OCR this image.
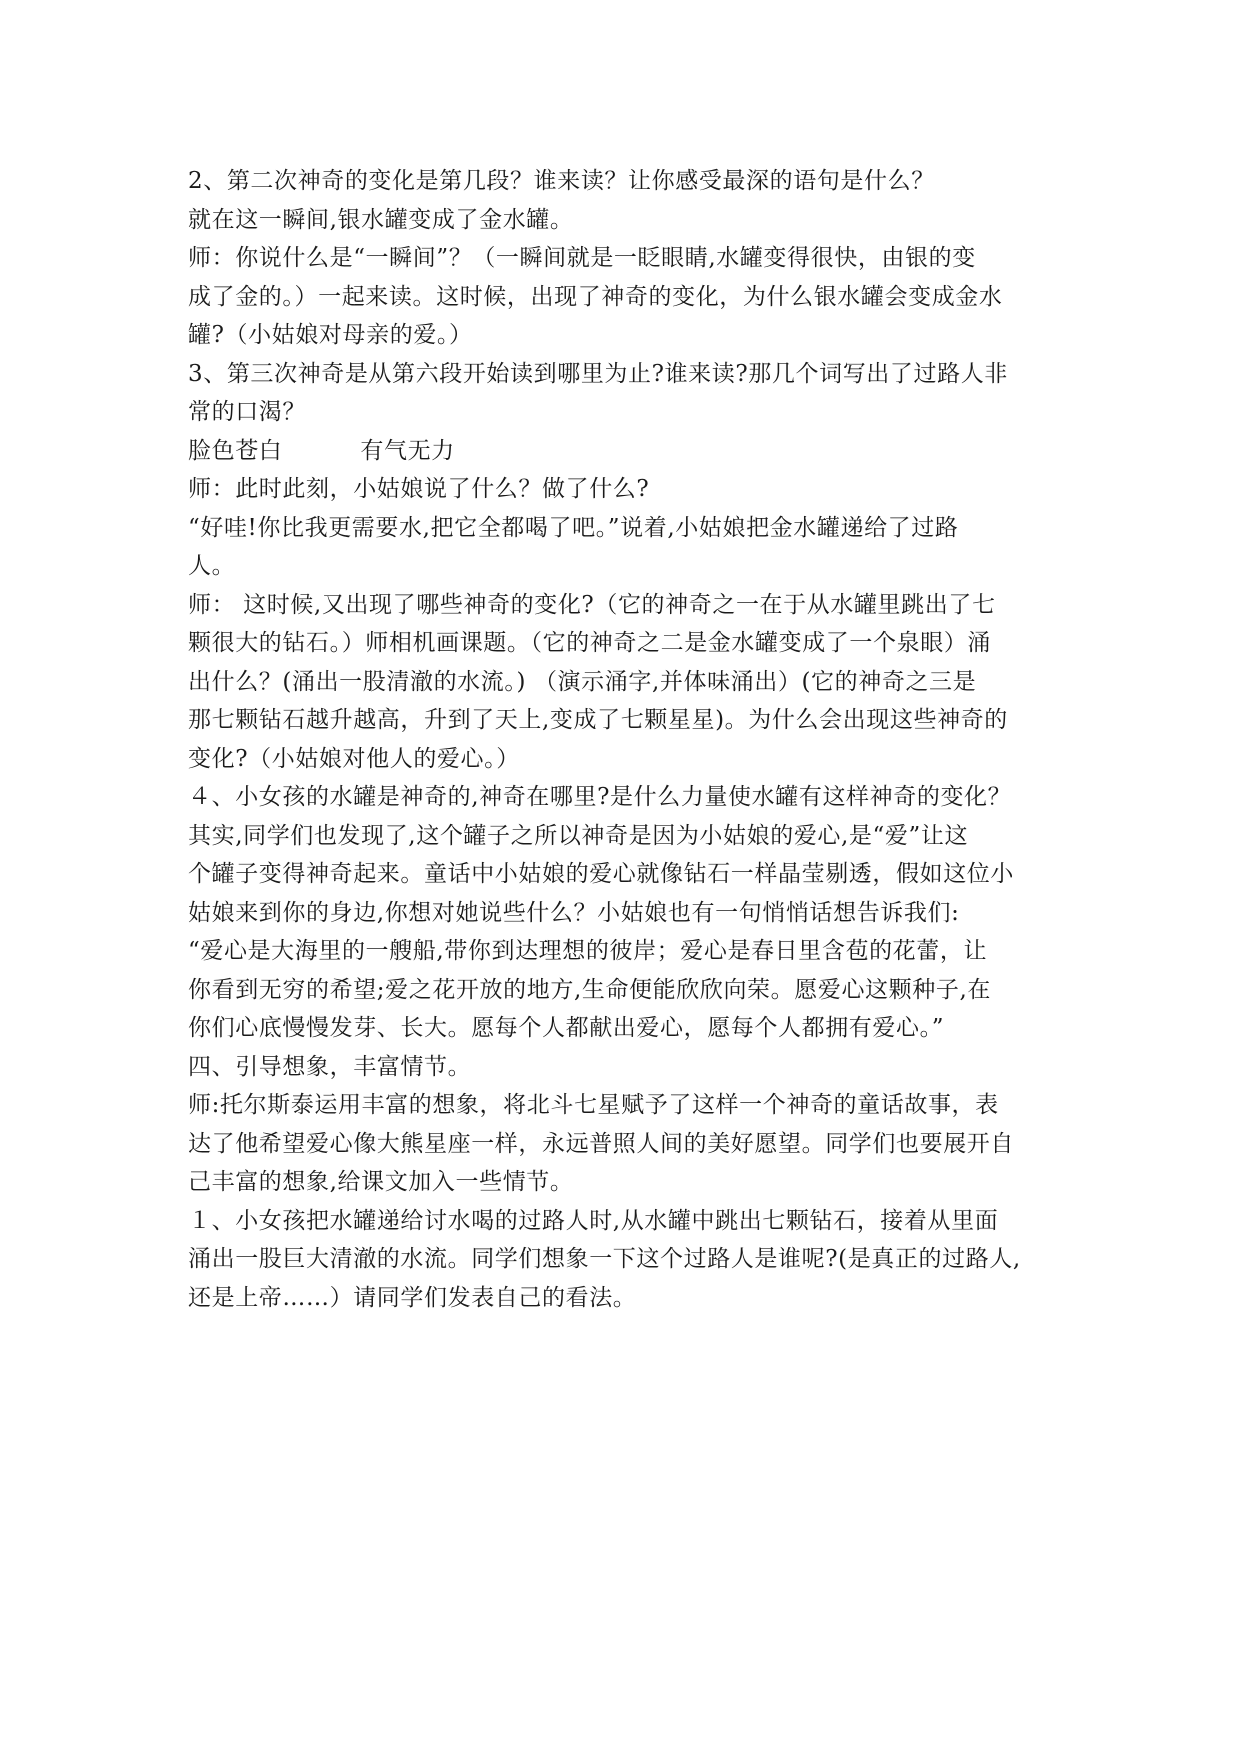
2、第二次神奇的变化是第几段？谁来读？让你感受最深的语句是什么？
就在这一瞬间,银水罐变成了金水罐。
师：你说什么是“一瞬间”？（一瞬间就是一眨眼睛,水罐变得很快，由银的变
成了金的。）一起来读。这时候，出现了神奇的变化，为什么银水罐会变成金水
罐?（小姑娘对母亲的爱。）
3、第三次神奇是从第六段开始读到哪里为止?谁来读?那几个词写出了过路人非
常的口渴？
脸色苍白	有气无力
师：此时此刻，小姑娘说了什么？做了什么?
“好哇!你比我更需要水,把它全都喝了吧。”说着,小姑娘把金水罐递给了过路
人。
师： 这时候,又出现了哪些神奇的变化?（它的神奇之一在于从水罐里跳出了七
颗很大的钻石。）师相机画课题。（它的神奇之二是金水罐变成了一个泉眼）涌
出什么？(涌出一股清澈的水流。) （演示涌字,并体味涌出）(它的神奇之三是
那七颗钻石越升越高，升到了天上,变成了七颗星星)。为什么会出现这些神奇的
变化?（小姑娘对他人的爱心。）
４、小女孩的水罐是神奇的,神奇在哪里?是什么力量使水罐有这样神奇的变化？
其实,同学们也发现了,这个罐子之所以神奇是因为小姑娘的爱心,是“爱”让这
个罐子变得神奇起来。童话中小姑娘的爱心就像钻石一样晶莹剔透，假如这位小
姑娘来到你的身边,你想对她说些什么？小姑娘也有一句悄悄话想告诉我们:
“爱心是大海里的一艘船,带你到达理想的彼岸；爱心是春日里含苞的花蕾，让
你看到无穷的希望;爱之花开放的地方,生命便能欣欣向荣。愿爱心这颗种子,在
你们心底慢慢发芽、长大。愿每个人都献出爱心，愿每个人都拥有爱心。”
四、引导想象，丰富情节。
师:托尔斯泰运用丰富的想象，将北斗七星赋予了这样一个神奇的童话故事，表
达了他希望爱心像大熊星座一样，永远普照人间的美好愿望。同学们也要展开自
己丰富的想象,给课文加入一些情节。
１、小女孩把水罐递给讨水喝的过路人时,从水罐中跳出七颗钻石，接着从里面
涌出一股巨大清澈的水流。同学们想象一下这个过路人是谁呢?(是真正的过路人,
还是上帝……）请同学们发表自己的看法。
